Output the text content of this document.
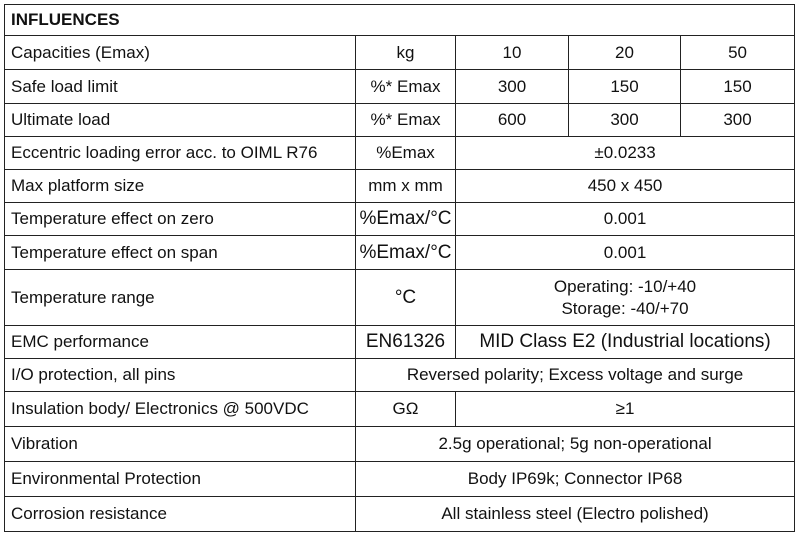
INFLUENCES				
Capacities (Emax)	kg	10	20	50
Safe load limit	%* Emax	300	150	150
Ultimate load	%* Emax	600	300	300
Eccentric loading error acc. to OIML R76	%Emax	±0.0233		
Max platform size	mm x mm	450 x 450		
Temperature effect on zero	%Emax/°C	0.001		
Temperature effect on span	%Emax/°C	0.001		
Temperature range	°C	Operating: -10/+40
Storage: -40/+70		

EMC performance	EN61326	MID Class E2 (Industrial locations)		
I/O protection, all pins	Reversed polarity; Excess voltage and surge			
Insulation body/ Electronics @ 500VDC	GΩ	≥1		
Vibration	2.5g operational; 5g non-operational			
Environmental Protection	Body IP69k; Connector IP68			
Corrosion resistance	All stainless steel (Electro polished)			
